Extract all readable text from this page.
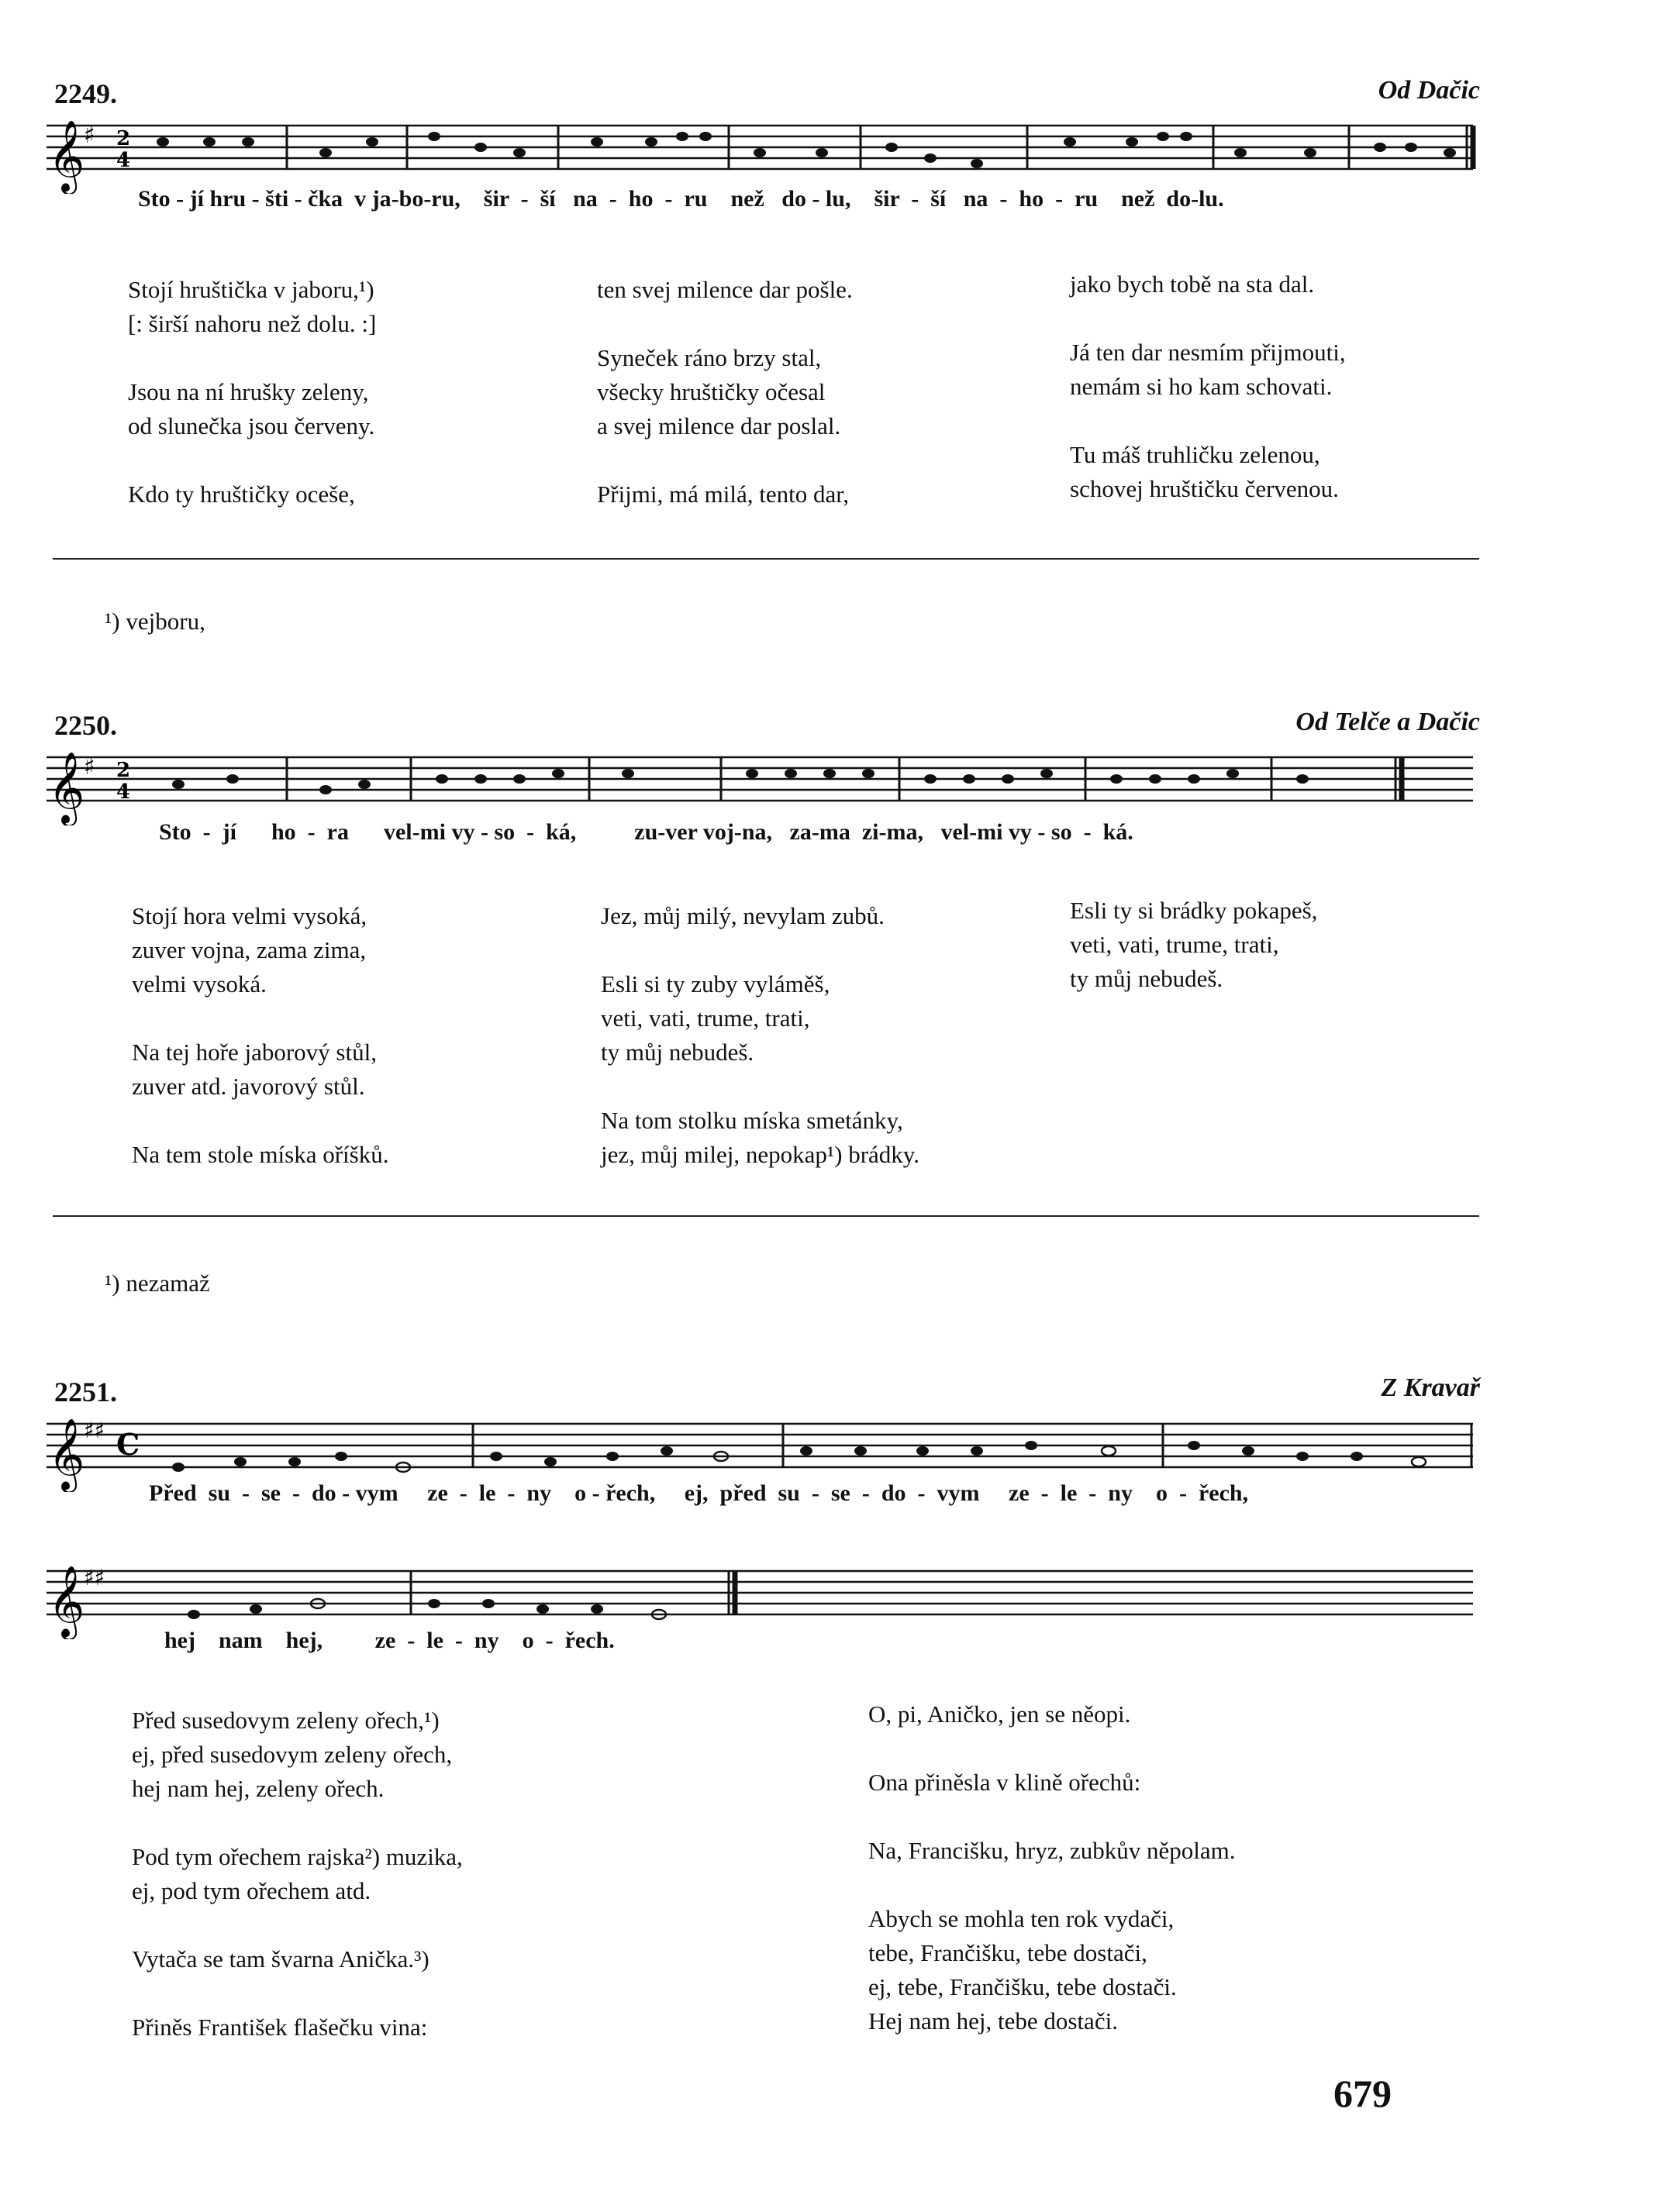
2249.	Od Dačic
𝄞
♯ 2
4
Sto - jí hru - šti - čka  v ja-bo-ru,    šir  -  ší   na  -  ho  -  ru    než   do - lu,    šir  -  ší   na  -  ho  -  ru    než  do-lu.
Stojí hruštička v jaboru,¹)
[: širší nahoru než dolu. :]
Jsou na ní hrušky zeleny,
od slunečka jsou červeny.
Kdo ty hruštičky oceše,
ten svej milence dar pošle.
Syneček ráno brzy stal,
všecky hruštičky očesal
a svej milence dar poslal.
Přijmi, má milá, tento dar,
jako bych tobě na sta dal.
Já ten dar nesmím přijmouti,
nemám si ho kam schovati.
Tu máš truhličku zelenou,
schovej hruštičku červenou.
¹) vejboru,
2250.	Od Telče a Dačic
𝄞
♯ 2
4
Sto  -  jí      ho  -  ra      vel-mi vy - so  -  ká,          zu-ver voj-na,   za-ma  zi-ma,   vel-mi vy - so  -  ká.
Stojí hora velmi vysoká,
zuver vojna, zama zima,
velmi vysoká.
Na tej hoře jaborový stůl,
zuver atd. javorový stůl.
Na tem stole míska oříšků.
Jez, můj milý, nevylam zubů.
Esli si ty zuby vyláměš,
veti, vati, trume, trati,
ty můj nebudeš.
Na tom stolku míska smetánky,
jez, můj milej, nepokap¹) brádky.
Esli ty si brádky pokapeš,
veti, vati, trume, trati,
ty můj nebudeš.
¹) nezamaž
2251.	Z Kravař
𝄞
♯♯ C
Před  su  -  se  -  do - vym     ze  -  le  -  ny    o - řech,     ej,  před  su  -  se  -  do  -  vym     ze  -  le  -  ny    o  -  řech,
𝄞
♯♯
hej    nam    hej,         ze  -  le  -  ny    o  -  řech.
Před susedovym zeleny ořech,¹)
ej, před susedovym zeleny ořech,
hej nam hej, zeleny ořech.
Pod tym ořechem rajska²) muzika,
ej, pod tym ořechem atd.
Vytača se tam švarna Anička.³)
Přiněs František flašečku vina:
O, pi, Aničko, jen se něopi.
Ona přiněsla v klině ořechů:
Na, Francišku, hryz, zubkův něpolam.
Abych se mohla ten rok vydači,
tebe, Frančišku, tebe dostači,
ej, tebe, Frančišku, tebe dostači.
Hej nam hej, tebe dostači.
679
